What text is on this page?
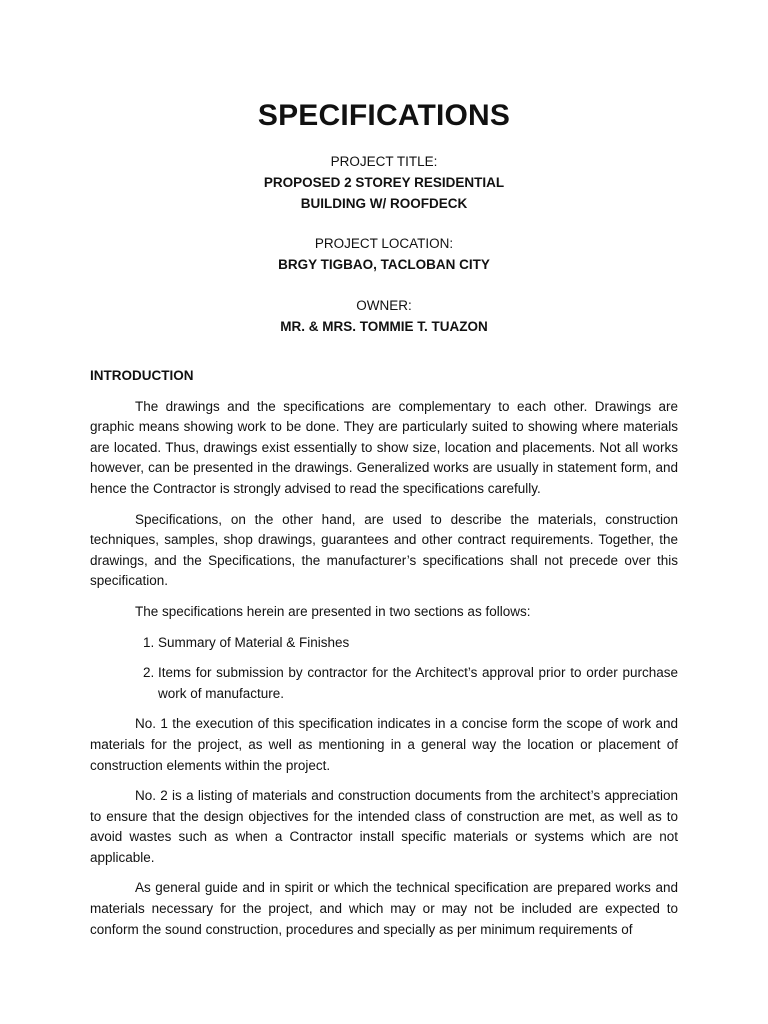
SPECIFICATIONS
PROJECT TITLE:
PROPOSED 2 STOREY RESIDENTIAL
BUILDING W/ ROOFDECK
PROJECT LOCATION:
BRGY TIGBAO, TACLOBAN CITY
OWNER:
MR. & MRS. TOMMIE T. TUAZON
INTRODUCTION

The drawings and the specifications are complementary to each other. Drawings are graphic means showing work to be done. They are particularly suited to showing where materials are located. Thus, drawings exist essentially to show size, location and placements. Not all works however, can be presented in the drawings. Generalized works are usually in statement form, and hence the Contractor is strongly advised to read the specifications carefully.

Specifications, on the other hand, are used to describe the materials, construction techniques, samples, shop drawings, guarantees and other contract requirements. Together, the drawings, and the Specifications, the manufacturer’s specifications shall not precede over this specification.

The specifications herein are presented in two sections as follows:

1. Summary of Material & Finishes
2. Items for submission by contractor for the Architect’s approval prior to order purchase work of manufacture.

No. 1 the execution of this specification indicates in a concise form the scope of work and materials for the project, as well as mentioning in a general way the location or placement of construction elements within the project.

No. 2 is a listing of materials and construction documents from the architect’s appreciation to ensure that the design objectives for the intended class of construction are met, as well as to avoid wastes such as when a Contractor install specific materials or systems which are not applicable.

As general guide and in spirit or which the technical specification are prepared works and materials necessary for the project, and which may or may not be included are expected to conform the sound construction, procedures and specially as per minimum requirements of
